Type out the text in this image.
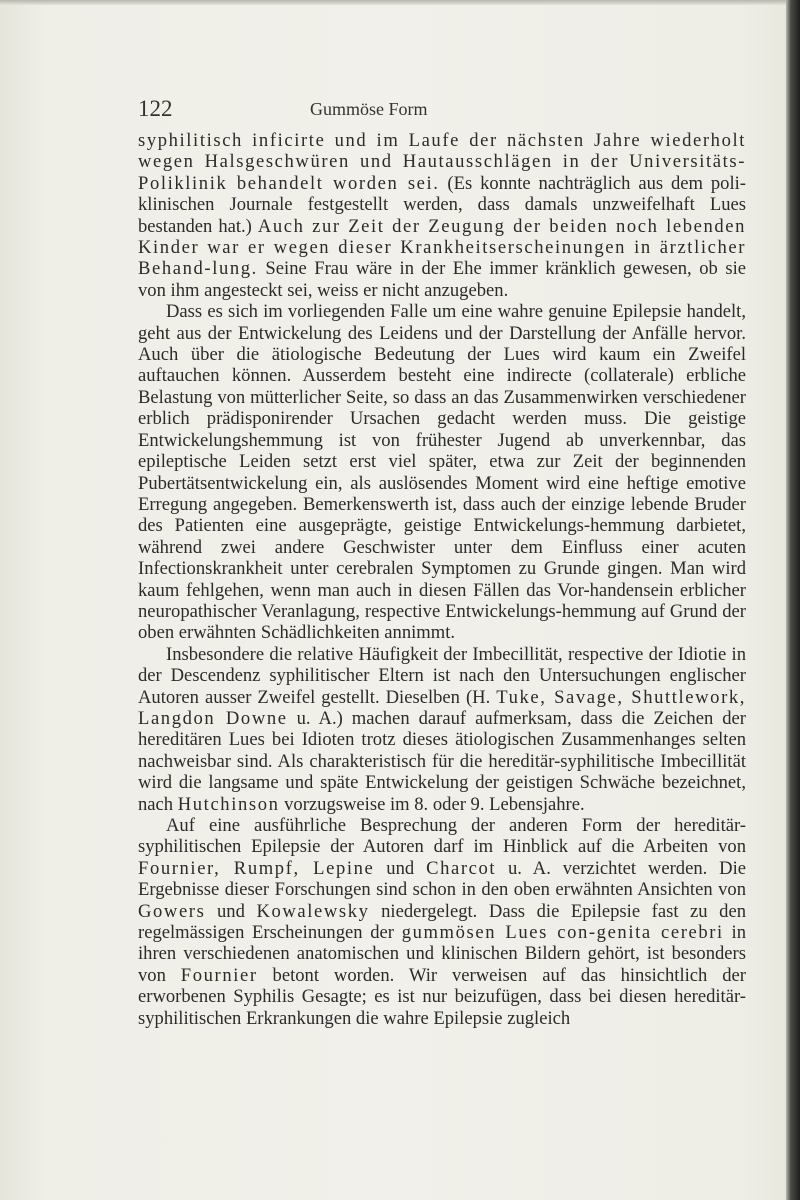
122	Gummöse Form

syphilitisch inficirte und im Laufe der nächsten Jahre wiederholt wegen Halsgeschwüren und Hautausschlägen in der Universitäts-Poliklinik behandelt worden sei. (Es konnte nachträglich aus dem poli-klinischen Journale festgestellt werden, dass damals unzweifelhaft Lues bestanden hat.) Auch zur Zeit der Zeugung der beiden noch lebenden Kinder war er wegen dieser Krankheitserscheinungen in ärztlicher Behand-lung. Seine Frau wäre in der Ehe immer kränklich gewesen, ob sie von ihm angesteckt sei, weiss er nicht anzugeben.

Dass es sich im vorliegenden Falle um eine wahre genuine Epilepsie handelt, geht aus der Entwickelung des Leidens und der Darstellung der Anfälle hervor. Auch über die ätiologische Bedeutung der Lues wird kaum ein Zweifel auftauchen können. Ausserdem besteht eine indirecte (collaterale) erbliche Belastung von mütterlicher Seite, so dass an das Zusammenwirken verschiedener erblich prädisponirender Ursachen gedacht werden muss. Die geistige Entwickelungshemmung ist von frühester Jugend ab unverkennbar, das epileptische Leiden setzt erst viel später, etwa zur Zeit der beginnenden Pubertätsentwickelung ein, als auslösendes Moment wird eine heftige emotive Erregung angegeben. Bemerkenswerth ist, dass auch der einzige lebende Bruder des Patienten eine ausgeprägte, geistige Entwickelungs-hemmung darbietet, während zwei andere Geschwister unter dem Einfluss einer acuten Infectionskrankheit unter cerebralen Symptomen zu Grunde gingen. Man wird kaum fehlgehen, wenn man auch in diesen Fällen das Vor-handensein erblicher neuropathischer Veranlagung, respective Entwickelungs-hemmung auf Grund der oben erwähnten Schädlichkeiten annimmt.

Insbesondere die relative Häufigkeit der Imbecillität, respective der Idiotie in der Descendenz syphilitischer Eltern ist nach den Untersuchungen englischer Autoren ausser Zweifel gestellt. Dieselben (H. Tuke, Savage, Shuttlework, Langdon Downe u. A.) machen darauf aufmerksam, dass die Zeichen der hereditären Lues bei Idioten trotz dieses ätiologischen Zusammenhanges selten nachweisbar sind. Als charakteristisch für die hereditär-syphilitische Imbecillität wird die langsame und späte Entwickelung der geistigen Schwäche bezeichnet, nach Hutchinson vorzugsweise im 8. oder 9. Lebensjahre.

Auf eine ausführliche Besprechung der anderen Form der hereditär-syphilitischen Epilepsie der Autoren darf im Hinblick auf die Arbeiten von Fournier, Rumpf, Lepine und Charcot u. A. verzichtet werden. Die Ergebnisse dieser Forschungen sind schon in den oben erwähnten Ansichten von Gowers und Kowalewsky niedergelegt. Dass die Epilepsie fast zu den regelmässigen Erscheinungen der gummösen Lues con-genita cerebri in ihren verschiedenen anatomischen und klinischen Bildern gehört, ist besonders von Fournier betont worden. Wir verweisen auf das hinsichtlich der erworbenen Syphilis Gesagte; es ist nur beizufügen, dass bei diesen hereditär-syphilitischen Erkrankungen die wahre Epilepsie zugleich
